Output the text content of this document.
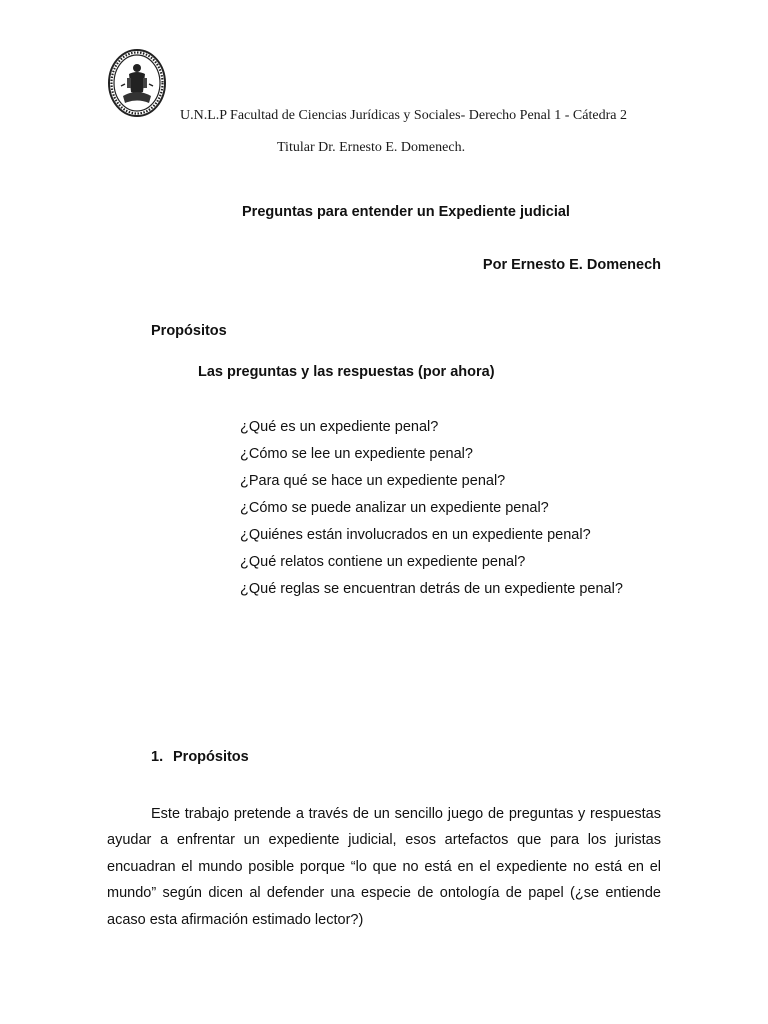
U.N.L.P Facultad de Ciencias Jurídicas y Sociales- Derecho Penal 1 - Cátedra 2
Titular Dr. Ernesto E. Domenech.
Preguntas para entender un Expediente judicial
Por Ernesto E. Domenech
Propósitos
Las preguntas y las respuestas (por ahora)
¿Qué es un expediente penal?
¿Cómo se lee un expediente penal?
¿Para qué se hace un expediente penal?
¿Cómo se puede analizar un expediente penal?
¿Quiénes están involucrados en un expediente penal?
¿Qué relatos contiene un expediente penal?
¿Qué reglas se encuentran detrás de un expediente penal?
1. Propósitos

Este trabajo pretende a través de un sencillo juego de preguntas y respuestas ayudar a enfrentar un expediente judicial, esos artefactos que para los juristas encuadran el mundo posible porque “lo que no está en el expediente no está en el mundo” según dicen al defender una especie de ontología de papel (¿se entiende acaso esta afirmación estimado lector?)
